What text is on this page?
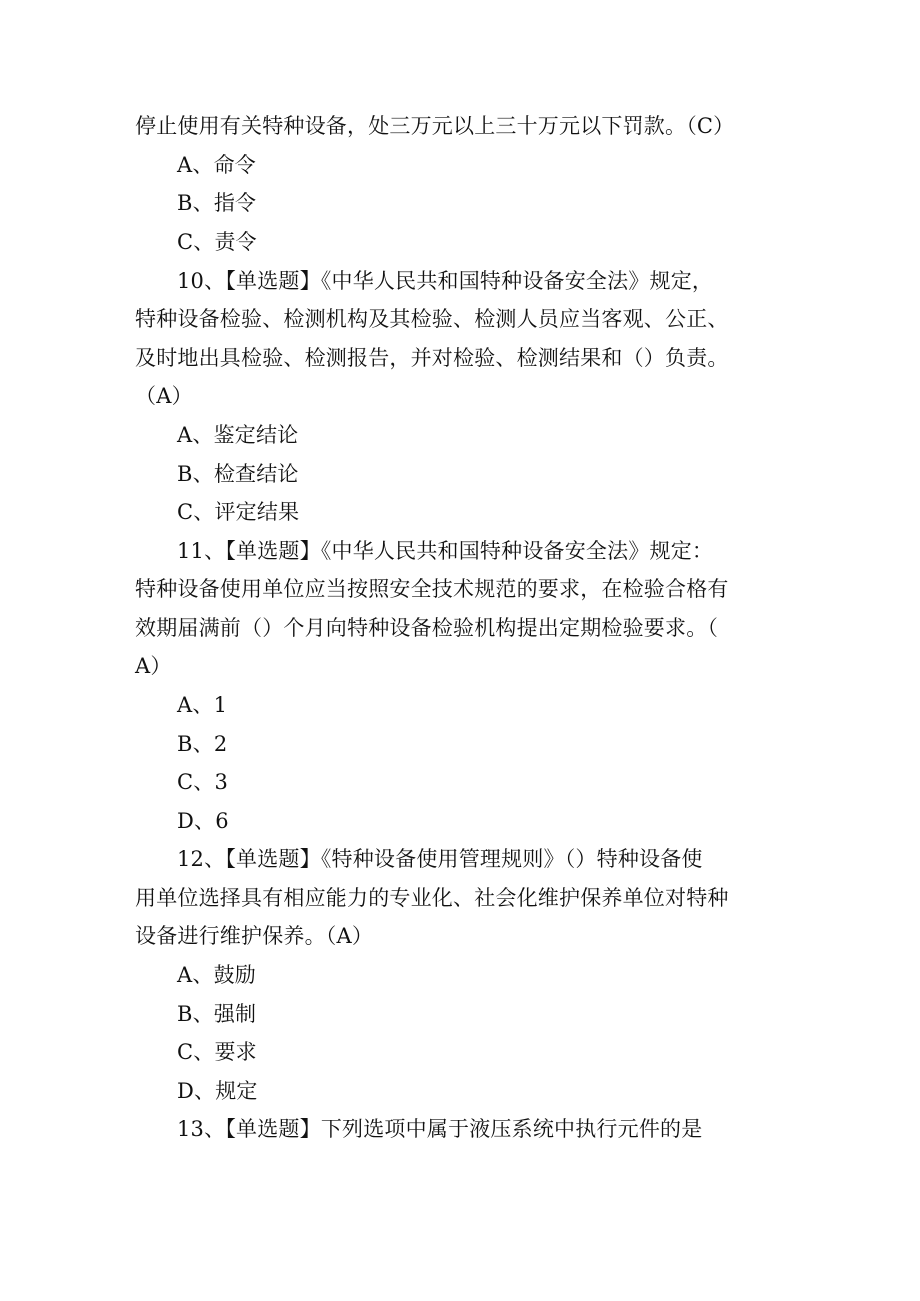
停止使用有关特种设备，处三万元以上三十万元以下罚款。（C）
A、命令
B、指令
C、责令
10、【单选题】《中华人民共和国特种设备安全法》规定，
特种设备检验、检测机构及其检验、检测人员应当客观、公正、
及时地出具检验、检测报告，并对检验、检测结果和（）负责。
（A）
A、鉴定结论
B、检查结论
C、评定结果
11、【单选题】《中华人民共和国特种设备安全法》规定：
特种设备使用单位应当按照安全技术规范的要求，在检验合格有
效期届满前（）个月向特种设备检验机构提出定期检验要求。（
A）
A、1
B、2
C、3
D、6
12、【单选题】《特种设备使用管理规则》（）特种设备使
用单位选择具有相应能力的专业化、社会化维护保养单位对特种
设备进行维护保养。（A）
A、鼓励
B、强制
C、要求
D、规定
13、【单选题】下列选项中属于液压系统中执行元件的是
